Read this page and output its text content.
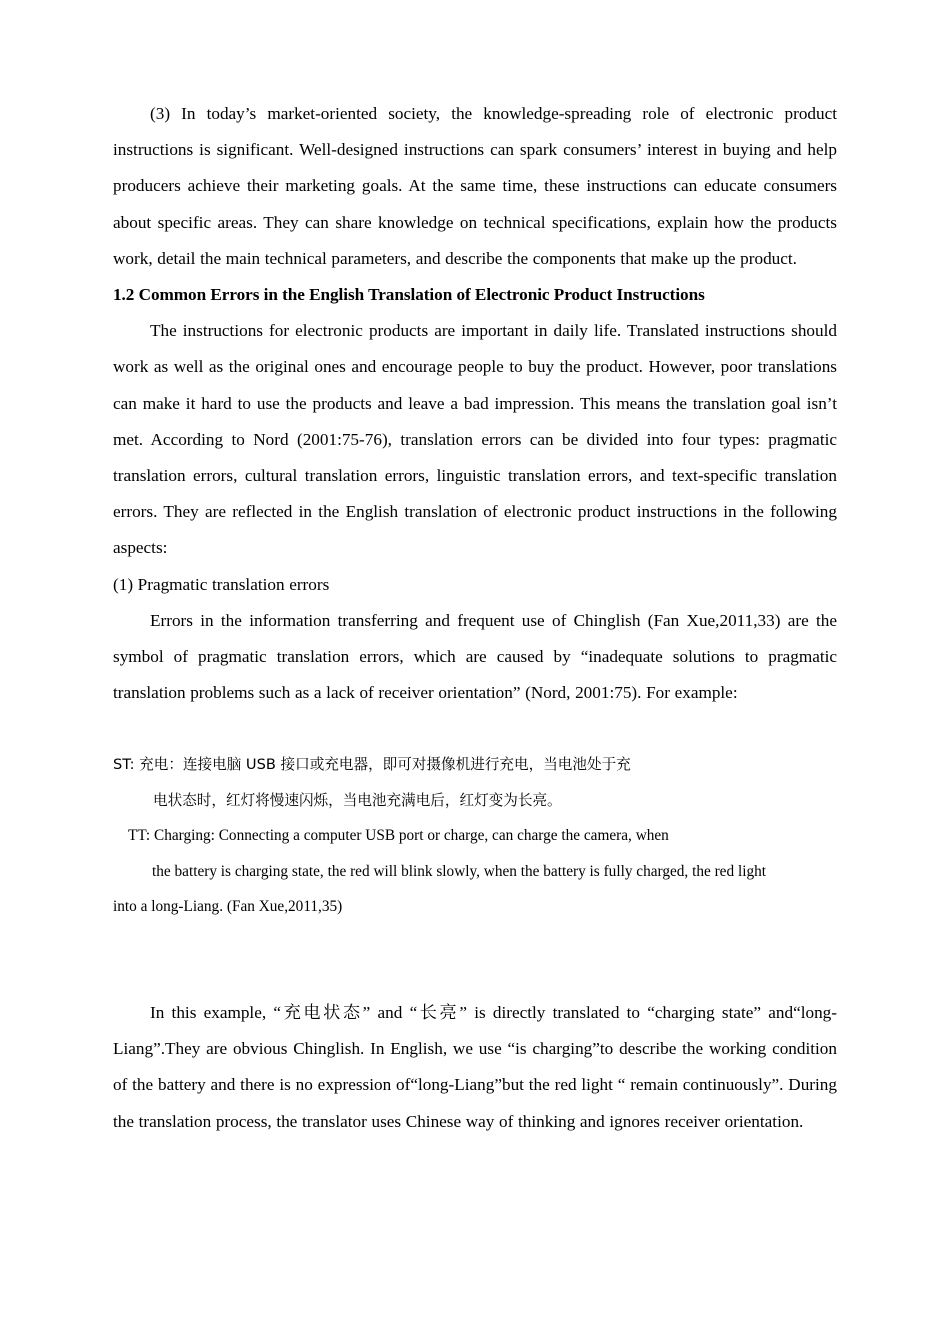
(3) In today’s market-oriented society, the knowledge-spreading role of electronic product instructions is significant. Well-designed instructions can spark consumers’ interest in buying and help producers achieve their marketing goals. At the same time, these instructions can educate consumers about specific areas. They can share knowledge on technical specifications, explain how the products work, detail the main technical parameters, and describe the components that make up the product.

1.2 Common Errors in the English Translation of Electronic Product Instructions

The instructions for electronic products are important in daily life. Translated instructions should work as well as the original ones and encourage people to buy the product. However, poor translations can make it hard to use the products and leave a bad impression. This means the translation goal isn’t met. According to Nord (2001:75-76), translation errors can be divided into four types: pragmatic translation errors, cultural translation errors, linguistic translation errors, and text-specific translation errors. They are reflected in the English translation of electronic product instructions in the following aspects:

(1) Pragmatic translation errors

Errors in the information transferring and frequent use of Chinglish (Fan Xue,2011,33) are the symbol of pragmatic translation errors, which are caused by “inadequate solutions to pragmatic translation problems such as a lack of receiver orientation” (Nord, 2001:75). For example:

ST: 充电：连接电脑 USB 接口或充电器，即可对摄像机进行充电，当电池处于充

电状态时，红灯将慢速闪烁，当电池充满电后，红灯变为长亮。

TT: Charging: Connecting a computer USB port or charge, can charge the camera, when

the battery is charging state, the red will blink slowly, when the battery is fully charged, the red light

into a long-Liang. (Fan Xue,2011,35)

In this example, “充电状态” and “长亮” is directly translated to “charging state” and“long-Liang”.They are obvious Chinglish. In English, we use “is charging”to describe the working condition of the battery and there is no expression of“long-Liang”but the red light “ remain continuously”. During the translation process, the translator uses Chinese way of thinking and ignores receiver orientation.
